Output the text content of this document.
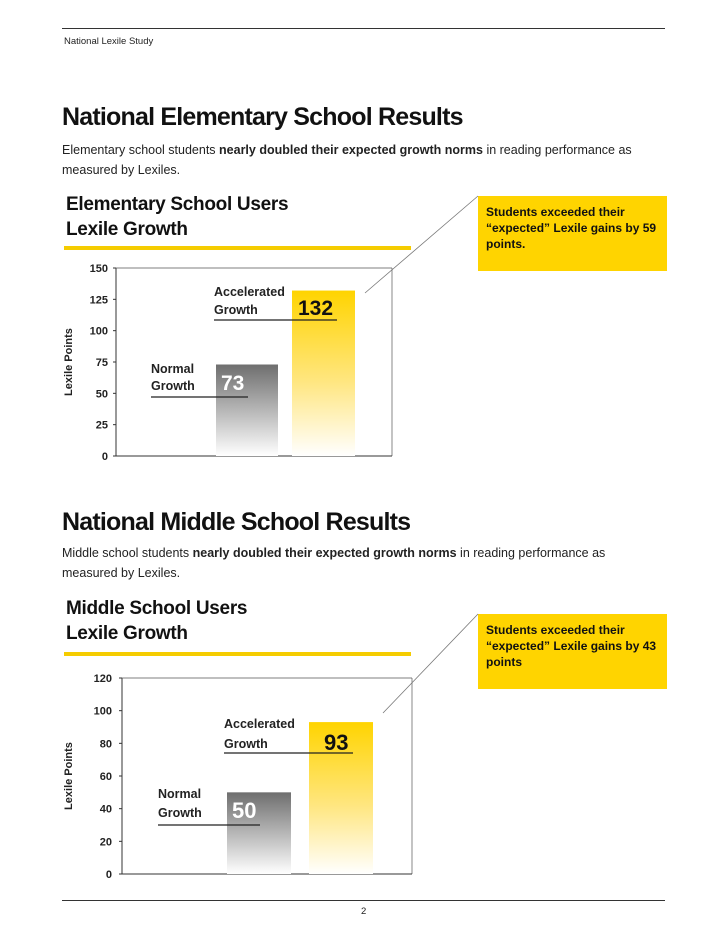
National Lexile Study
National Elementary School Results
Elementary school students nearly doubled their expected growth norms in reading performance as measured by Lexiles.
Elementary School Users
Lexile Growth
Students exceeded their “expected” Lexile gains by 59 points.
National Middle School Results
Middle school students nearly doubled their expected growth norms in reading performance as measured by Lexiles.
Middle School Users
Lexile Growth	Students exceeded their “expected” Lexile gains by 43 points
0
25
50
75
100
125
150
Lexile Points	Normal
Growth 73
Accelerated
Growth 132
0
20
40
60
80
100
120
Lexile Points	Normal
Growth 50
Accelerated
Growth	93
2
